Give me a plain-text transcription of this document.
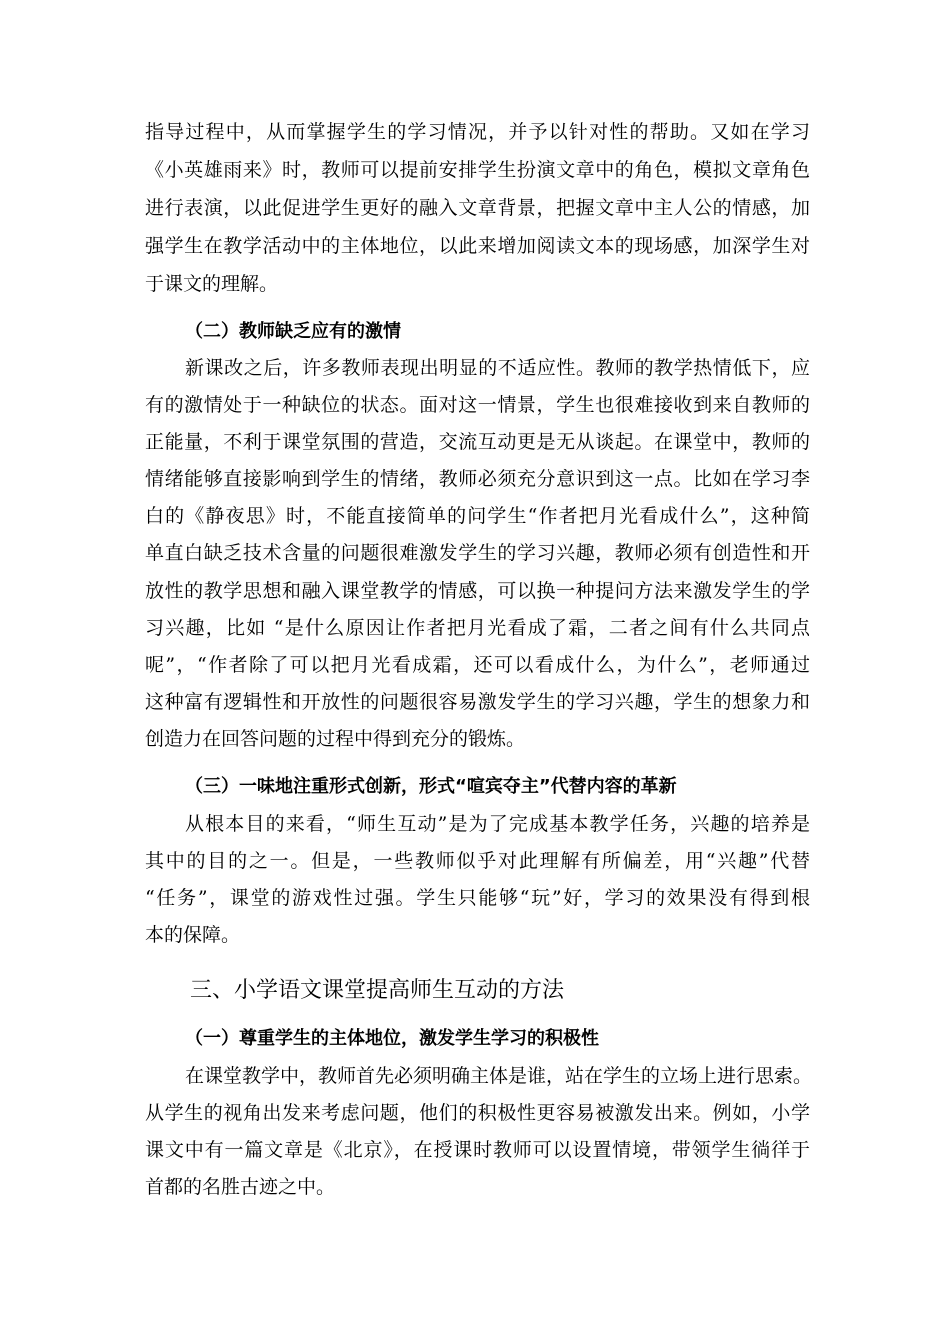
指导过程中，从而掌握学生的学习情况，并予以针对性的帮助。又如在学习
《小英雄雨来》时，教师可以提前安排学生扮演文章中的角色，模拟文章角色
进行表演，以此促进学生更好的融入文章背景，把握文章中主人公的情感，加
强学生在教学活动中的主体地位，以此来增加阅读文本的现场感，加深学生对
于课文的理解。
（二）教师缺乏应有的激情
新课改之后，许多教师表现出明显的不适应性。教师的教学热情低下，应
有的激情处于一种缺位的状态。面对这一情景，学生也很难接收到来自教师的
正能量，不利于课堂氛围的营造，交流互动更是无从谈起。在课堂中，教师的
情绪能够直接影响到学生的情绪，教师必须充分意识到这一点。比如在学习李
白的《静夜思》时，不能直接简单的问学生“作者把月光看成什么”，这种简
单直白缺乏技术含量的问题很难激发学生的学习兴趣，教师必须有创造性和开
放性的教学思想和融入课堂教学的情感，可以换一种提问方法来激发学生的学
习兴趣，比如 “是什么原因让作者把月光看成了霜，二者之间有什么共同点
呢”，“作者除了可以把月光看成霜，还可以看成什么，为什么”，老师通过
这种富有逻辑性和开放性的问题很容易激发学生的学习兴趣，学生的想象力和
创造力在回答问题的过程中得到充分的锻炼。
（三）一味地注重形式创新，形式“喧宾夺主”代替内容的革新
从根本目的来看，“师生互动”是为了完成基本教学任务，兴趣的培养是
其中的目的之一。但是，一些教师似乎对此理解有所偏差，用“兴趣”代替
“任务”，课堂的游戏性过强。学生只能够“玩”好，学习的效果没有得到根
本的保障。
三、小学语文课堂提高师生互动的方法
（一）尊重学生的主体地位，激发学生学习的积极性
在课堂教学中，教师首先必须明确主体是谁，站在学生的立场上进行思索。
从学生的视角出发来考虑问题，他们的积极性更容易被激发出来。例如，小学
课文中有一篇文章是《北京》，在授课时教师可以设置情境，带领学生徜徉于
首都的名胜古迹之中。
